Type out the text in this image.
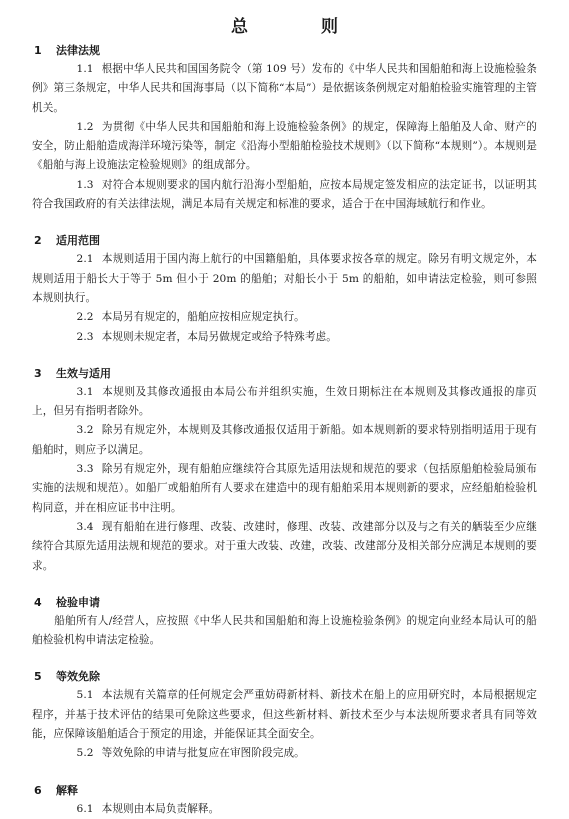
总　则
1 法律法规

1.1 根据中华人民共和国国务院令（第 109 号）发布的《中华人民共和国船舶和海上设施检验条例》第三条规定，中华人民共和国海事局（以下简称“本局”）是依据该条例规定对船舶检验实施管理的主管机关。

1.2 为贯彻《中华人民共和国船舶和海上设施检验条例》的规定，保障海上船舶及人命、财产的安全，防止船舶造成海洋环境污染等，制定《沿海小型船舶检验技术规则》（以下简称“本规则”）。本规则是《船舶与海上设施法定检验规则》的组成部分。

1.3 对符合本规则要求的国内航行沿海小型船舶，应按本局规定签发相应的法定证书，以证明其符合我国政府的有关法律法规，满足本局有关规定和标准的要求，适合于在中国海域航行和作业。

2 适用范围

2.1 本规则适用于国内海上航行的中国籍船舶，具体要求按各章的规定。除另有明文规定外，本规则适用于船长大于等于 5m 但小于 20m 的船舶；对船长小于 5m 的船舶，如申请法定检验，则可参照本规则执行。

2.2 本局另有规定的，船舶应按相应规定执行。

2.3 本规则未规定者，本局另做规定或给予特殊考虑。

3 生效与适用

3.1 本规则及其修改通报由本局公布并组织实施，生效日期标注在本规则及其修改通报的扉页上，但另有指明者除外。

3.2 除另有规定外，本规则及其修改通报仅适用于新船。如本规则新的要求特别指明适用于现有船舶时，则应予以满足。

3.3 除另有规定外，现有船舶应继续符合其原先适用法规和规范的要求（包括原船舶检验局颁布实施的法规和规范）。如船厂或船舶所有人要求在建造中的现有船舶采用本规则新的要求，应经船舶检验机构同意，并在相应证书中注明。

3.4 现有船舶在进行修理、改装、改建时，修理、改装、改建部分以及与之有关的舾装至少应继续符合其原先适用法规和规范的要求。对于重大改装、改建，改装、改建部分及相关部分应满足本规则的要求。

4 检验申请

船舶所有人/经营人，应按照《中华人民共和国船舶和海上设施检验条例》的规定向业经本局认可的船舶检验机构申请法定检验。

5 等效免除

5.1 本法规有关篇章的任何规定会严重妨碍新材料、新技术在船上的应用研究时，本局根据规定程序，并基于技术评估的结果可免除这些要求，但这些新材料、新技术至少与本法规所要求者具有同等效能，应保障该船舶适合于预定的用途，并能保证其全面安全。

5.2 等效免除的申请与批复应在审图阶段完成。

6 解释

6.1 本规则由本局负责解释。
